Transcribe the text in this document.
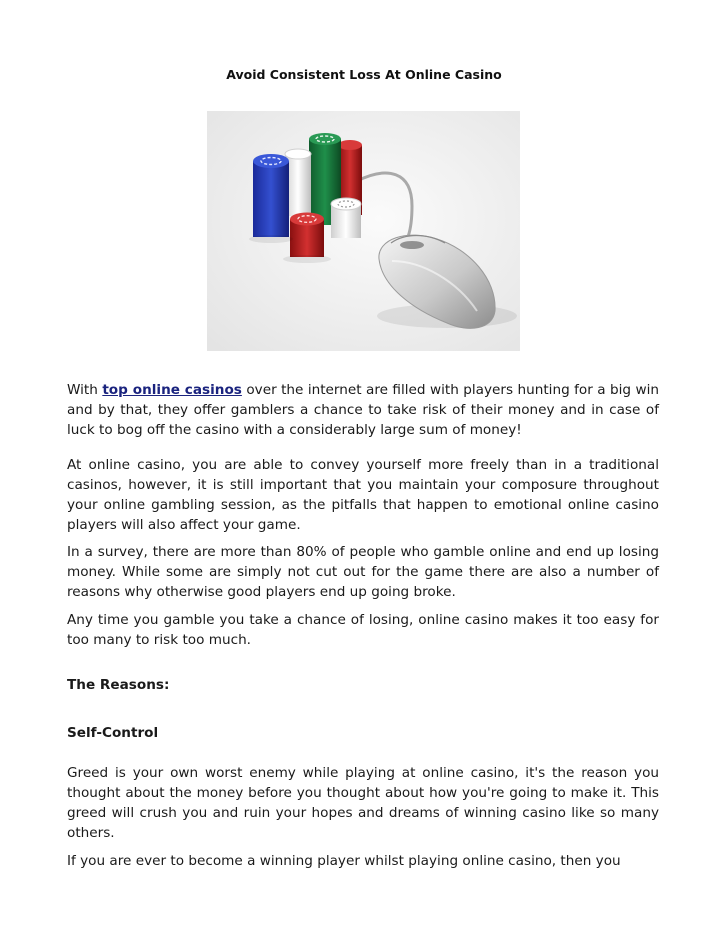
Avoid Consistent Loss At Online Casino

With top online casinos over the internet are filled with players hunting for a big win and by that, they offer gamblers a chance to take risk of their money and in case of luck to bog off the casino with a considerably large sum of money!

At online casino, you are able to convey yourself more freely than in a traditional casinos, however, it is still important that you maintain your composure throughout your online gambling session, as the pitfalls that happen to emotional online casino players will also affect your game.

In a survey, there are more than 80% of people who gamble online and end up losing money. While some are simply not cut out for the game there are also a number of reasons why otherwise good players end up going broke.

Any time you gamble you take a chance of losing, online casino makes it too easy for too many to risk too much.

The Reasons:

Self-Control

Greed is your own worst enemy while playing at online casino, it's the reason you thought about the money before you thought about how you're going to make it. This greed will crush you and ruin your hopes and dreams of winning casino like so many others.

If you are ever to become a winning player whilst playing online casino, then you
